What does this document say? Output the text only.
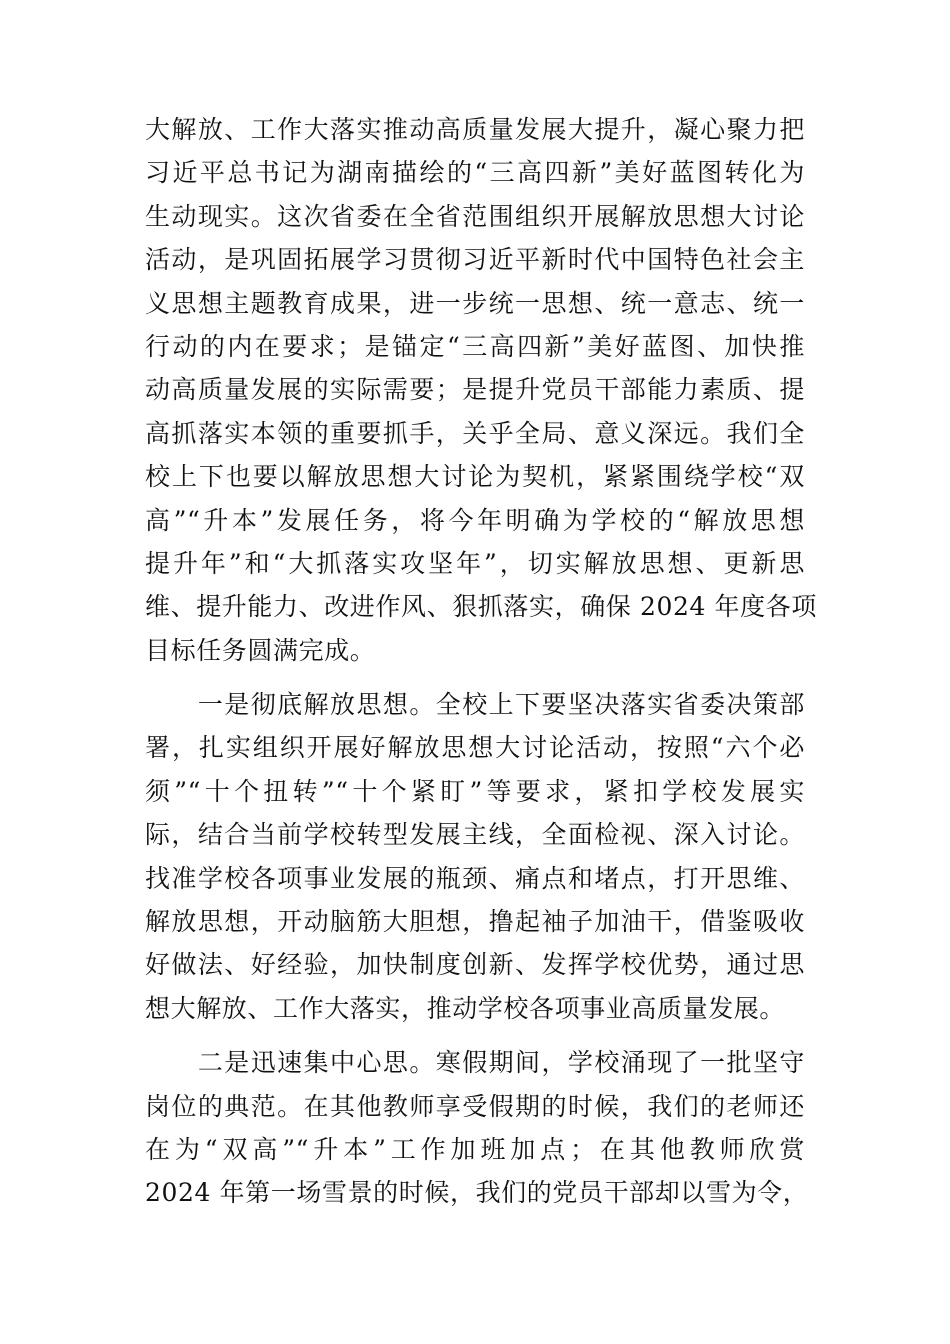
大解放、工作大落实推动高质量发展大提升，凝心聚力把
习近平总书记为湖南描绘的“三高四新”美好蓝图转化为
生动现实。这次省委在全省范围组织开展解放思想大讨论
活动，是巩固拓展学习贯彻习近平新时代中国特色社会主
义思想主题教育成果，进一步统一思想、统一意志、统一
行动的内在要求；是锚定“三高四新”美好蓝图、加快推
动高质量发展的实际需要；是提升党员干部能力素质、提
高抓落实本领的重要抓手，关乎全局、意义深远。我们全
校上下也要以解放思想大讨论为契机，紧紧围绕学校“双
高”“升本”发展任务，将今年明确为学校的“解放思想
提升年”和“大抓落实攻坚年”，切实解放思想、更新思
维、提升能力、改进作风、狠抓落实，确保 2024 年度各项
目标任务圆满完成。
　　一是彻底解放思想。全校上下要坚决落实省委决策部
署，扎实组织开展好解放思想大讨论活动，按照“六个必
须”“十个扭转”“十个紧盯”等要求，紧扣学校发展实
际，结合当前学校转型发展主线，全面检视、深入讨论。
找准学校各项事业发展的瓶颈、痛点和堵点，打开思维、
解放思想，开动脑筋大胆想，撸起袖子加油干，借鉴吸收
好做法、好经验，加快制度创新、发挥学校优势，通过思
想大解放、工作大落实，推动学校各项事业高质量发展。
　　二是迅速集中心思。寒假期间，学校涌现了一批坚守
岗位的典范。在其他教师享受假期的时候，我们的老师还
在为“双高”“升本”工作加班加点；在其他教师欣赏
2024 年第一场雪景的时候，我们的党员干部却以雪为令，
